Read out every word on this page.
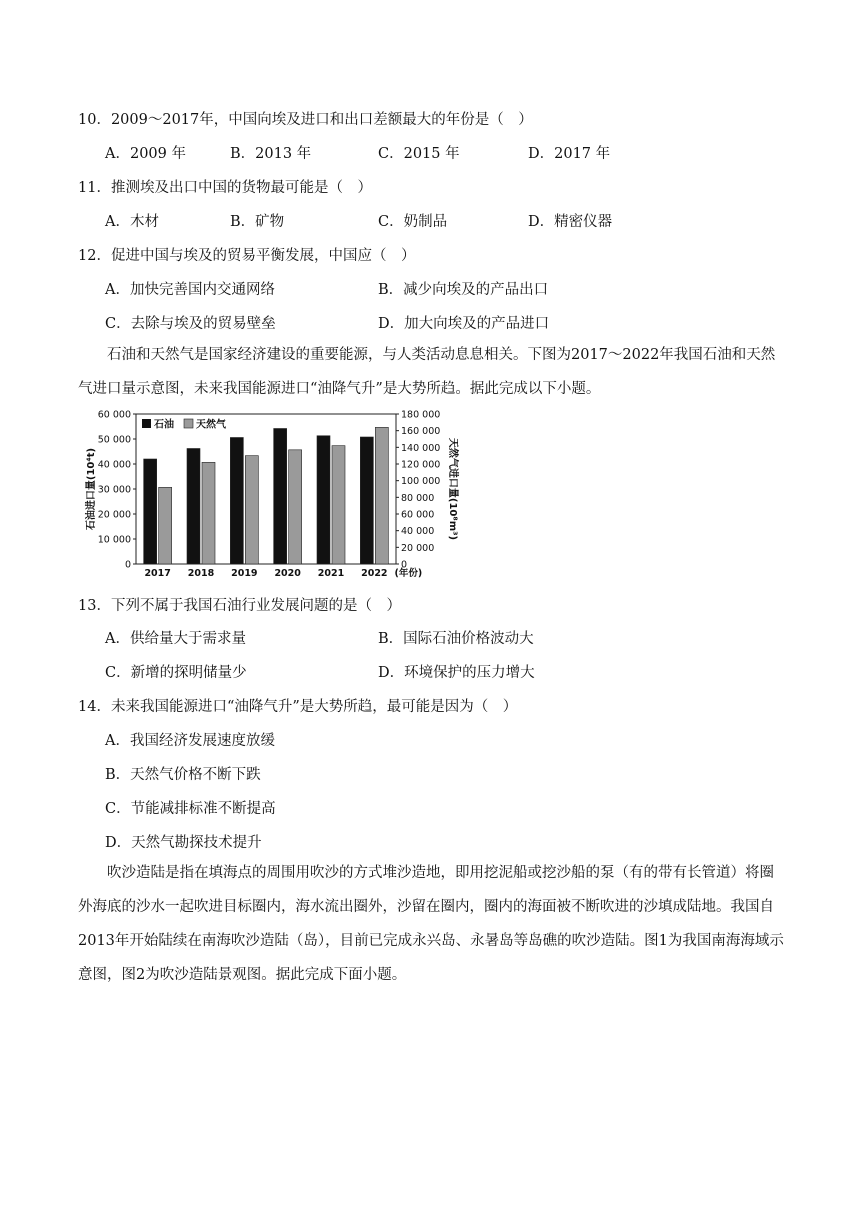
10．2009～2017年，中国向埃及进口和出口差额最大的年份是（　）
A．2009 年	B．2013 年	C．2015 年	D．2017 年
11．推测埃及出口中国的货物最可能是（　）
A．木材	B．矿物	C．奶制品	D．精密仪器
12．促进中国与埃及的贸易平衡发展，中国应（　）
A．加快完善国内交通网络	B．减少向埃及的产品出口
C．去除与埃及的贸易壁垒	D．加大向埃及的产品进口

石油和天然气是国家经济建设的重要能源，与人类活动息息相关。下图为2017～2022年我国石油和天然气进口量示意图，未来我国能源进口“油降气升”是大势所趋。据此完成以下小题。

0
10 000
20 000
30 000
40 000
50 000
60 000
0
20 000
40 000
60 000
80 000
100 000
120 000
140 000
160 000
180 000
2017 2018 2019 2020 2021 2022 (年份)
石油 天然气
石油进口量(10⁴t)	天然气进口量(10⁸m³)
13．下列不属于我国石油行业发展问题的是（　）
A．供给量大于需求量	B．国际石油价格波动大
C．新增的探明储量少	D．环境保护的压力增大
14．未来我国能源进口“油降气升”是大势所趋，最可能是因为（　）
A．我国经济发展速度放缓
B．天然气价格不断下跌
C．节能减排标准不断提高
D．天然气勘探技术提升

吹沙造陆是指在填海点的周围用吹沙的方式堆沙造地，即用挖泥船或挖沙船的泵（有的带有长管道）将圈外海底的沙水一起吹进目标圈内，海水流出圈外，沙留在圈内，圈内的海面被不断吹进的沙填成陆地。我国自2013年开始陆续在南海吹沙造陆（岛），目前已完成永兴岛、永暑岛等岛礁的吹沙造陆。图1为我国南海海域示意图，图2为吹沙造陆景观图。据此完成下面小题。
